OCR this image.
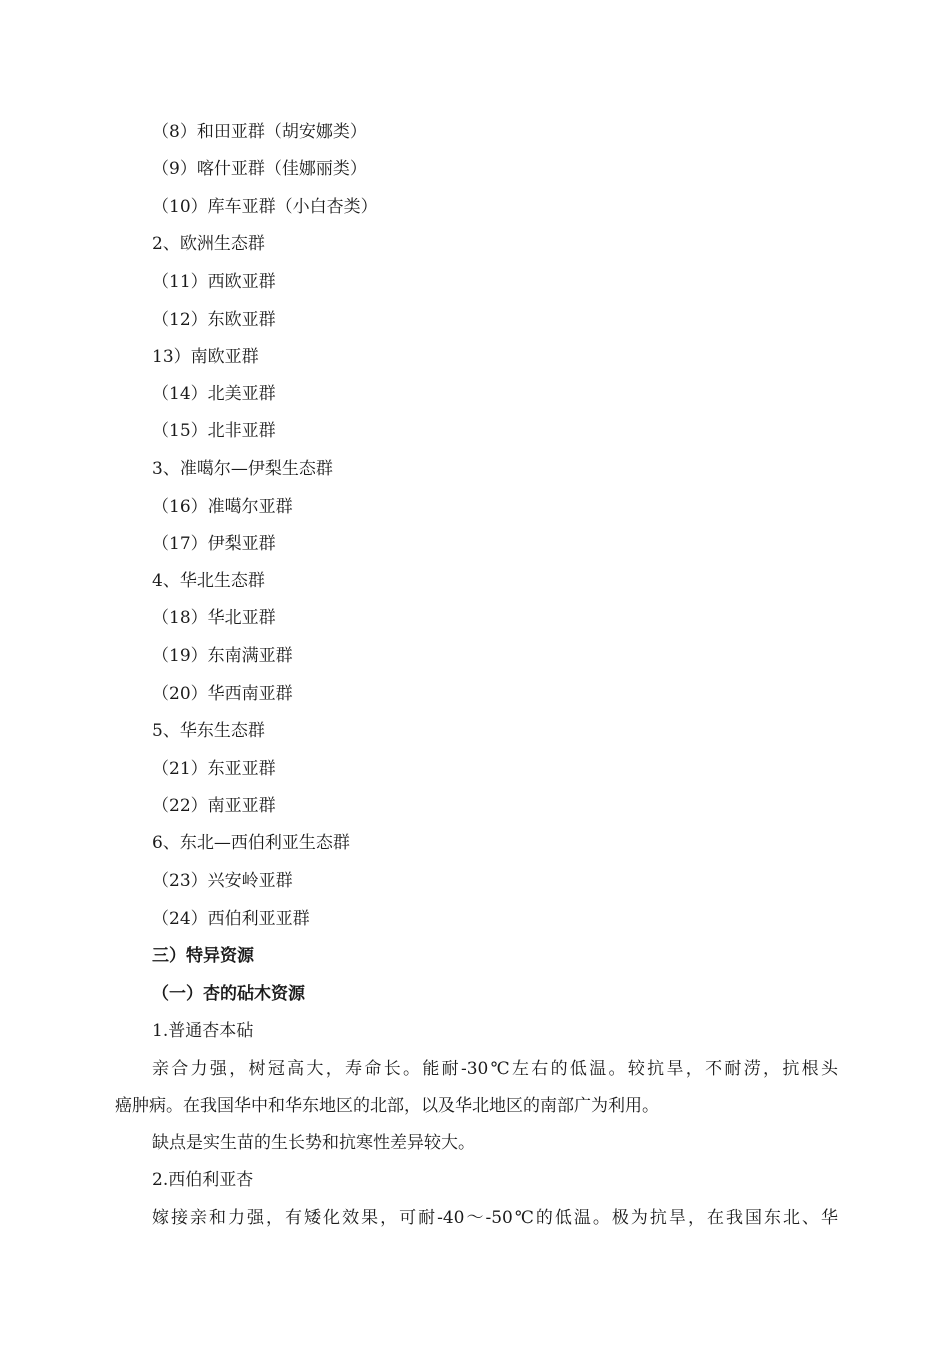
（8）和田亚群（胡安娜类）
（9）喀什亚群（佳娜丽类）
（10）库车亚群（小白杏类）
2、欧洲生态群
（11）西欧亚群
（12）东欧亚群
13）南欧亚群
（14）北美亚群
（15）北非亚群
3、准噶尔—伊梨生态群
（16）准噶尔亚群
（17）伊梨亚群
4、华北生态群
（18）华北亚群
（19）东南满亚群
（20）华西南亚群
5、华东生态群
（21）东亚亚群
（22）南亚亚群
6、东北—西伯利亚生态群
（23）兴安岭亚群
（24）西伯利亚亚群
三）特异资源
（一）杏的砧木资源
1.普通杏本砧
亲合力强，树冠高大，寿命长。能耐-30℃左右的低温。较抗旱，不耐涝，抗根头
癌肿病。在我国华中和华东地区的北部，以及华北地区的南部广为利用。
缺点是实生苗的生长势和抗寒性差异较大。
2.西伯利亚杏
嫁接亲和力强，有矮化效果，可耐-40～-50℃的低温。极为抗旱，在我国东北、华
